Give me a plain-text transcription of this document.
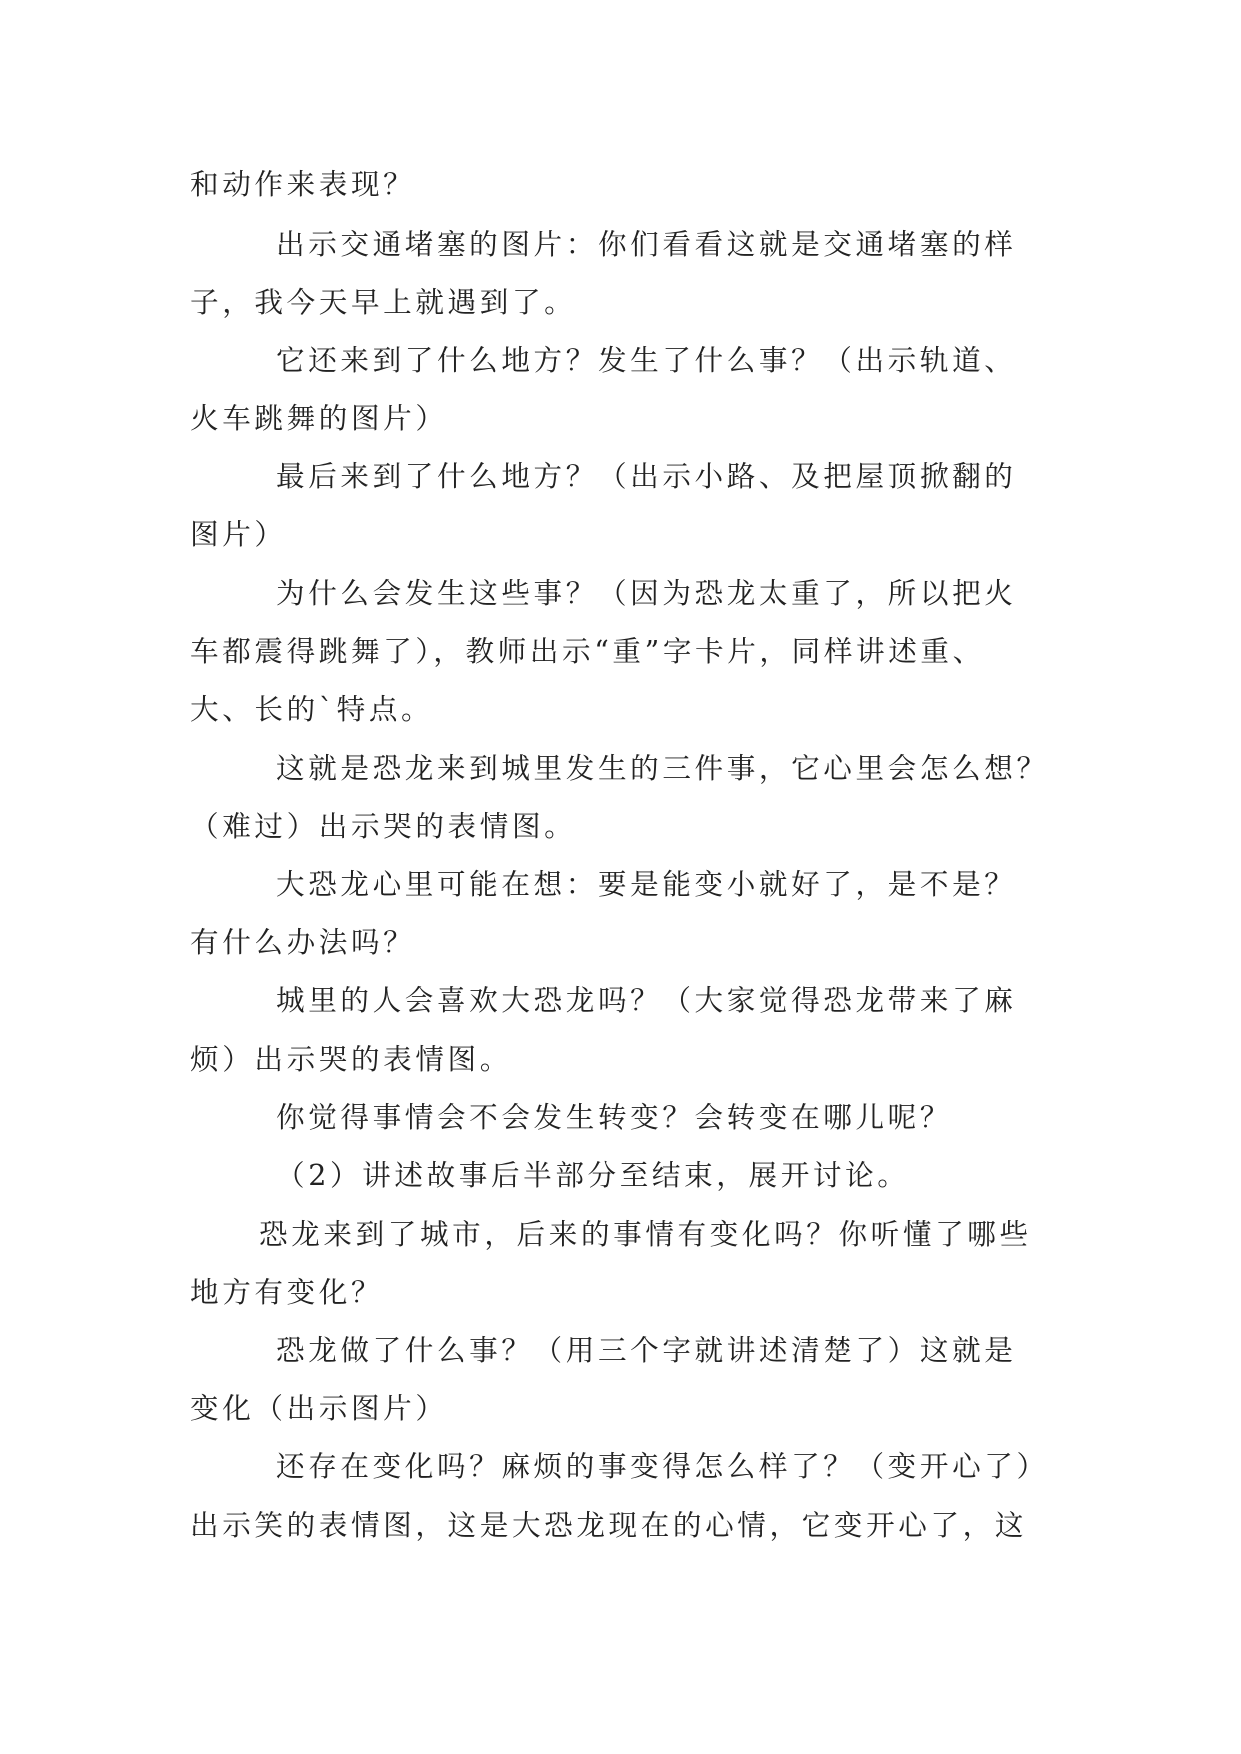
和动作来表现？
出示交通堵塞的图片：你们看看这就是交通堵塞的样
子，我今天早上就遇到了。
它还来到了什么地方？发生了什么事？（出示轨道、
火车跳舞的图片）
最后来到了什么地方？（出示小路、及把屋顶掀翻的
图片）
为什么会发生这些事？（因为恐龙太重了，所以把火
车都震得跳舞了），教师出示“重”字卡片，同样讲述重、
大、长的`特点。
这就是恐龙来到城里发生的三件事，它心里会怎么想？
（难过）出示哭的表情图。
大恐龙心里可能在想：要是能变小就好了，是不是？
有什么办法吗？
城里的人会喜欢大恐龙吗？（大家觉得恐龙带来了麻
烦）出示哭的表情图。
你觉得事情会不会发生转变？会转变在哪儿呢？
（2）讲述故事后半部分至结束，展开讨论。
恐龙来到了城市，后来的事情有变化吗？你听懂了哪些
地方有变化？
恐龙做了什么事？（用三个字就讲述清楚了）这就是
变化（出示图片）
还存在变化吗？麻烦的事变得怎么样了？（变开心了）
出示笑的表情图，这是大恐龙现在的心情，它变开心了，这
